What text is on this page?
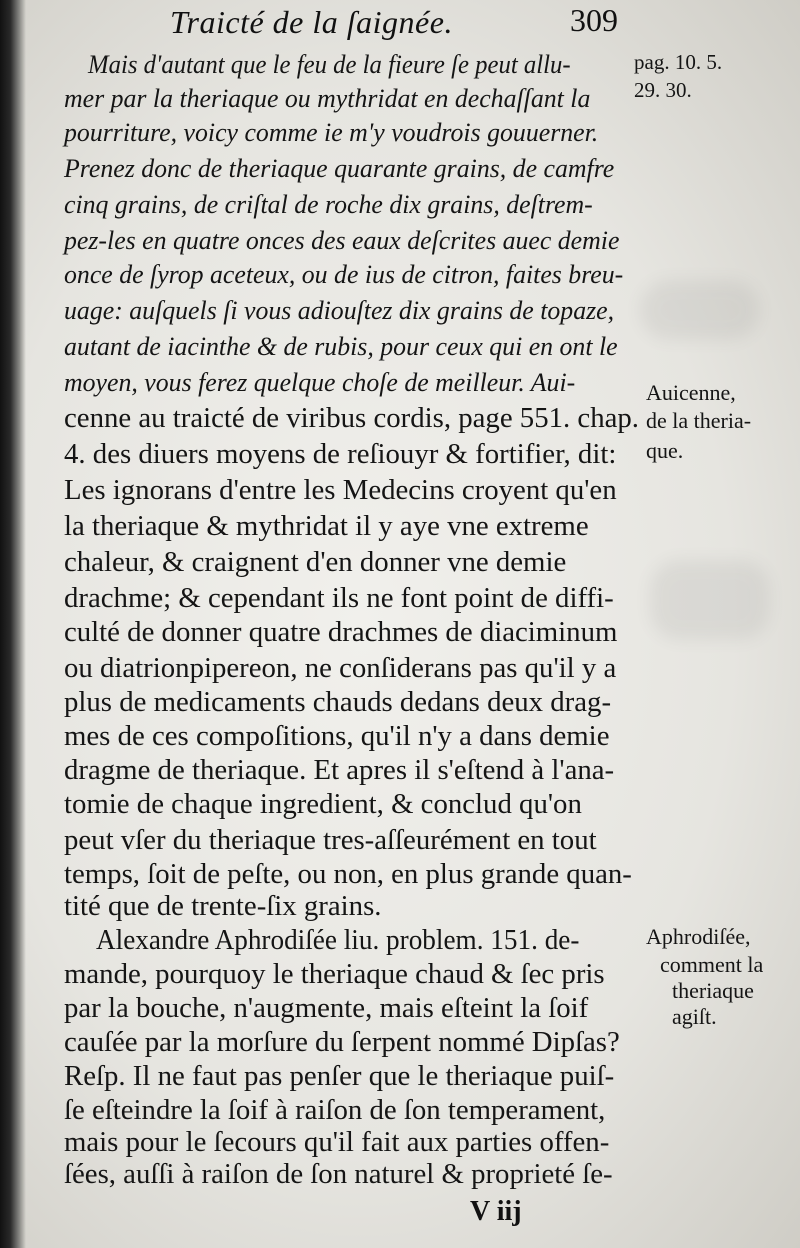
Traicté de la ſaignée.	309
Mais d'autant que le feu de la fieure ſe peut allu-
mer par la theriaque ou mythridat en dechaſſant la
pourriture, voicy comme ie m'y voudrois gouuerner.
Prenez donc de theriaque quarante grains, de camfre
cinq grains, de criſtal de roche dix grains, deſtrem-
pez-les en quatre onces des eaux deſcrites auec demie
once de ſyrop aceteux, ou de ius de citron, faites breu-
uage: auſquels ſi vous adiouſtez dix grains de topaze,
autant de iacinthe & de rubis, pour ceux qui en ont le
moyen, vous ferez quelque choſe de meilleur. Aui-
cenne au traicté de viribus cordis, page 551. chap.
4. des diuers moyens de reſiouyr & fortifier, dit:
Les ignorans d'entre les Medecins croyent qu'en
la theriaque & mythridat il y aye vne extreme
chaleur, & craignent d'en donner vne demie
drachme; & cependant ils ne font point de diffi-
culté de donner quatre drachmes de diaciminum
ou diatrionpipereon, ne conſiderans pas qu'il y a
plus de medicaments chauds dedans deux drag-
mes de ces compoſitions, qu'il n'y a dans demie
dragme de theriaque. Et apres il s'eſtend à l'ana-
tomie de chaque ingredient, & conclud qu'on
peut vſer du theriaque tres-aſſeurément en tout
temps, ſoit de peſte, ou non, en plus grande quan-
tité que de trente-ſix grains.
Alexandre Aphrodiſée liu. problem. 151. de-
mande, pourquoy le theriaque chaud & ſec pris
par la bouche, n'augmente, mais eſteint la ſoif
cauſée par la morſure du ſerpent nommé Dipſas?
Reſp. Il ne faut pas penſer que le theriaque puiſ-
ſe eſteindre la ſoif à raiſon de ſon temperament,
mais pour le ſecours qu'il fait aux parties offen-
ſées, auſſi à raiſon de ſon naturel & proprieté ſe-
pag. 10. 5.
29. 30.
Auicenne,
de la theria-
que.
Aphrodiſée,
comment la
theriaque
agiſt.
V iij
